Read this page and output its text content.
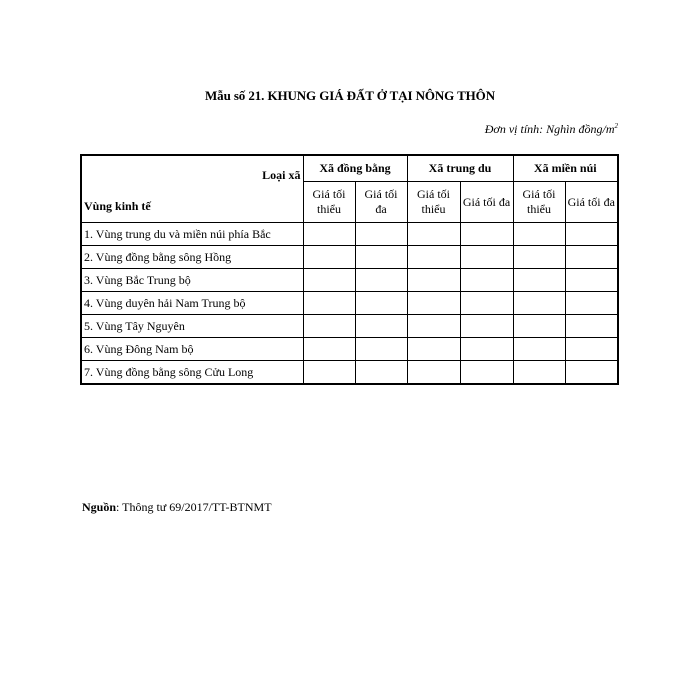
Mẫu số 21. KHUNG GIÁ ĐẤT Ở TẠI NÔNG THÔN
Đơn vị tính: Nghìn đồng/$m^2$
Loại xã
Vùng kinh tế	Xã đồng bằng		Xã trung du		Xã miền núi	
	Giá tối thiểu	Giá tối đa	Giá tối thiểu	Giá tối đa	Giá tối thiểu	Giá tối đa
1. Vùng trung du và miền núi phía Bắc						
2. Vùng đồng bằng sông Hồng						
3. Vùng Bắc Trung bộ						
4. Vùng duyên hải Nam Trung bộ						
5. Vùng Tây Nguyên						
6. Vùng Đông Nam bộ						
7. Vùng đồng bằng sông Cửu Long						
Nguồn: Thông tư 69/2017/TT-BTNMT
